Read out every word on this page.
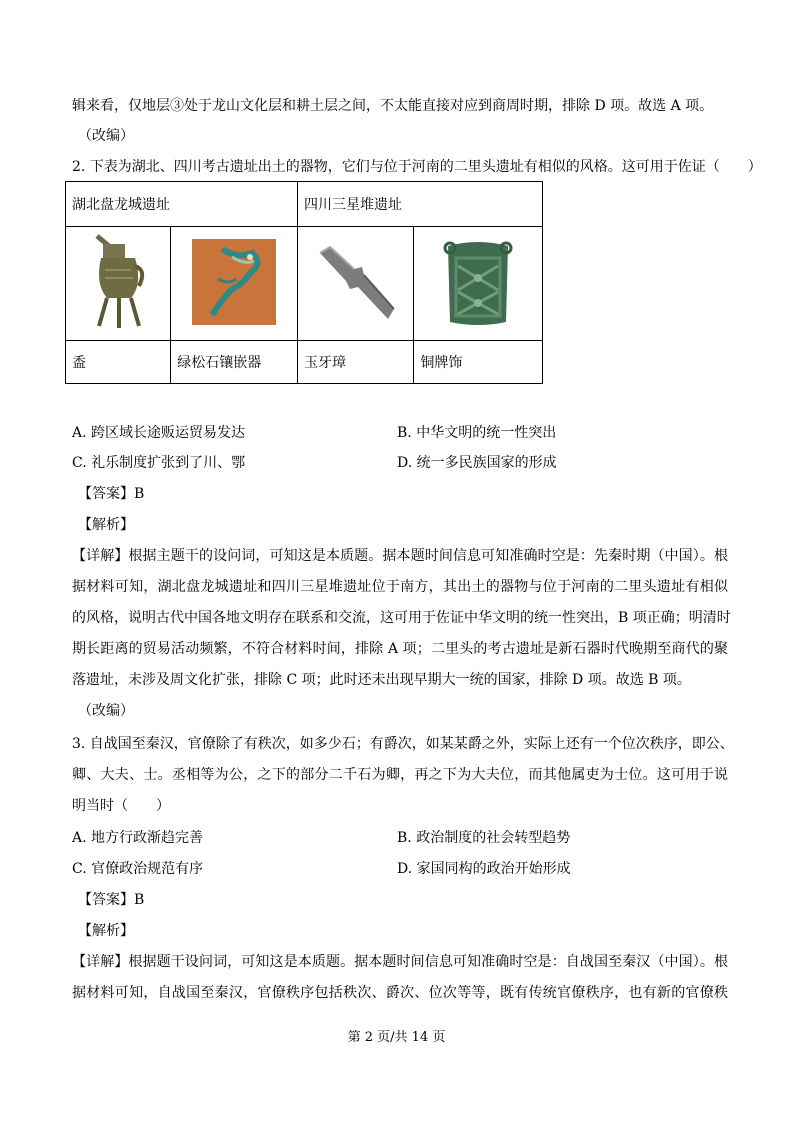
辑来看，仅地层③处于龙山文化层和耕土层之间，不太能直接对应到商周时期，排除 D 项。故选 A 项。
（改编）
2. 下表为湖北、四川考古遗址出土的器物，它们与位于河南的二里头遗址有相似的风格。这可用于佐证（　　）
湖北盘龙城遗址		四川三星堆遗址	

盉	绿松石镶嵌器	玉牙璋	铜牌饰
A. 跨区域长途贩运贸易发达	B. 中华文明的统一性突出
C. 礼乐制度扩张到了川、鄂	D. 统一多民族国家的形成
【答案】B
【解析】
【详解】根据主题干的设问词，可知这是本质题。据本题时间信息可知准确时空是：先秦时期（中国）。根
据材料可知，湖北盘龙城遗址和四川三星堆遗址位于南方，其出土的器物与位于河南的二里头遗址有相似
的风格，说明古代中国各地文明存在联系和交流，这可用于佐证中华文明的统一性突出，B 项正确；明清时
期长距离的贸易活动频繁，不符合材料时间，排除 A 项；二里头的考古遗址是新石器时代晚期至商代的聚
落遗址，未涉及周文化扩张，排除 C 项；此时还未出现早期大一统的国家，排除 D 项。故选 B 项。
（改编）
3. 自战国至秦汉，官僚除了有秩次，如多少石；有爵次，如某某爵之外，实际上还有一个位次秩序，即公、
卿、大夫、士。丞相等为公，之下的部分二千石为卿，再之下为大夫位，而其他属吏为士位。这可用于说
明当时（　　）
A. 地方行政渐趋完善	B. 政治制度的社会转型趋势
C. 官僚政治规范有序	D. 家国同构的政治开始形成
【答案】B
【解析】
【详解】根据题干设问词，可知这是本质题。据本题时间信息可知准确时空是：自战国至秦汉（中国）。根
据材料可知，自战国至秦汉，官僚秩序包括秩次、爵次、位次等等，既有传统官僚秩序，也有新的官僚秩
第 2 页/共 14 页
